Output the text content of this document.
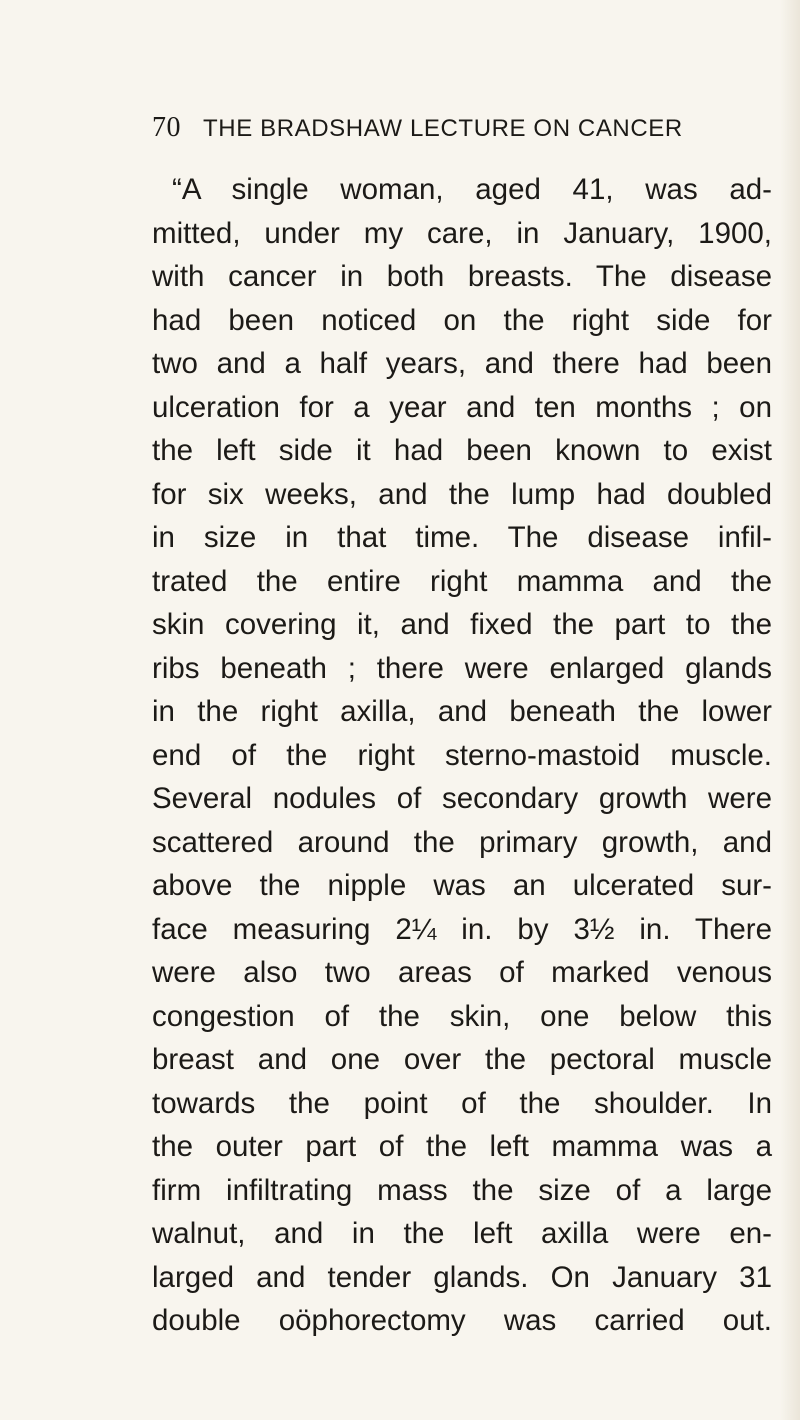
70 THE BRADSHAW LECTURE ON CANCER
“A single woman, aged 41, was ad-
mitted, under my care, in January, 1900,
with cancer in both breasts. The disease
had been noticed on the right side for
two and a half years, and there had been
ulceration for a year and ten months ; on
the left side it had been known to exist
for six weeks, and the lump had doubled
in size in that time. The disease infil-
trated the entire right mamma and the
skin covering it, and fixed the part to the
ribs beneath ; there were enlarged glands
in the right axilla, and beneath the lower
end of the right sterno-mastoid muscle.
Several nodules of secondary growth were
scattered around the primary growth, and
above the nipple was an ulcerated sur-
face measuring 2¼ in. by 3½ in. There
were also two areas of marked venous
congestion of the skin, one below this
breast and one over the pectoral muscle
towards the point of the shoulder. In
the outer part of the left mamma was a
firm infiltrating mass the size of a large
walnut, and in the left axilla were en-
larged and tender glands. On January 31
double oöphorectomy was carried out.
